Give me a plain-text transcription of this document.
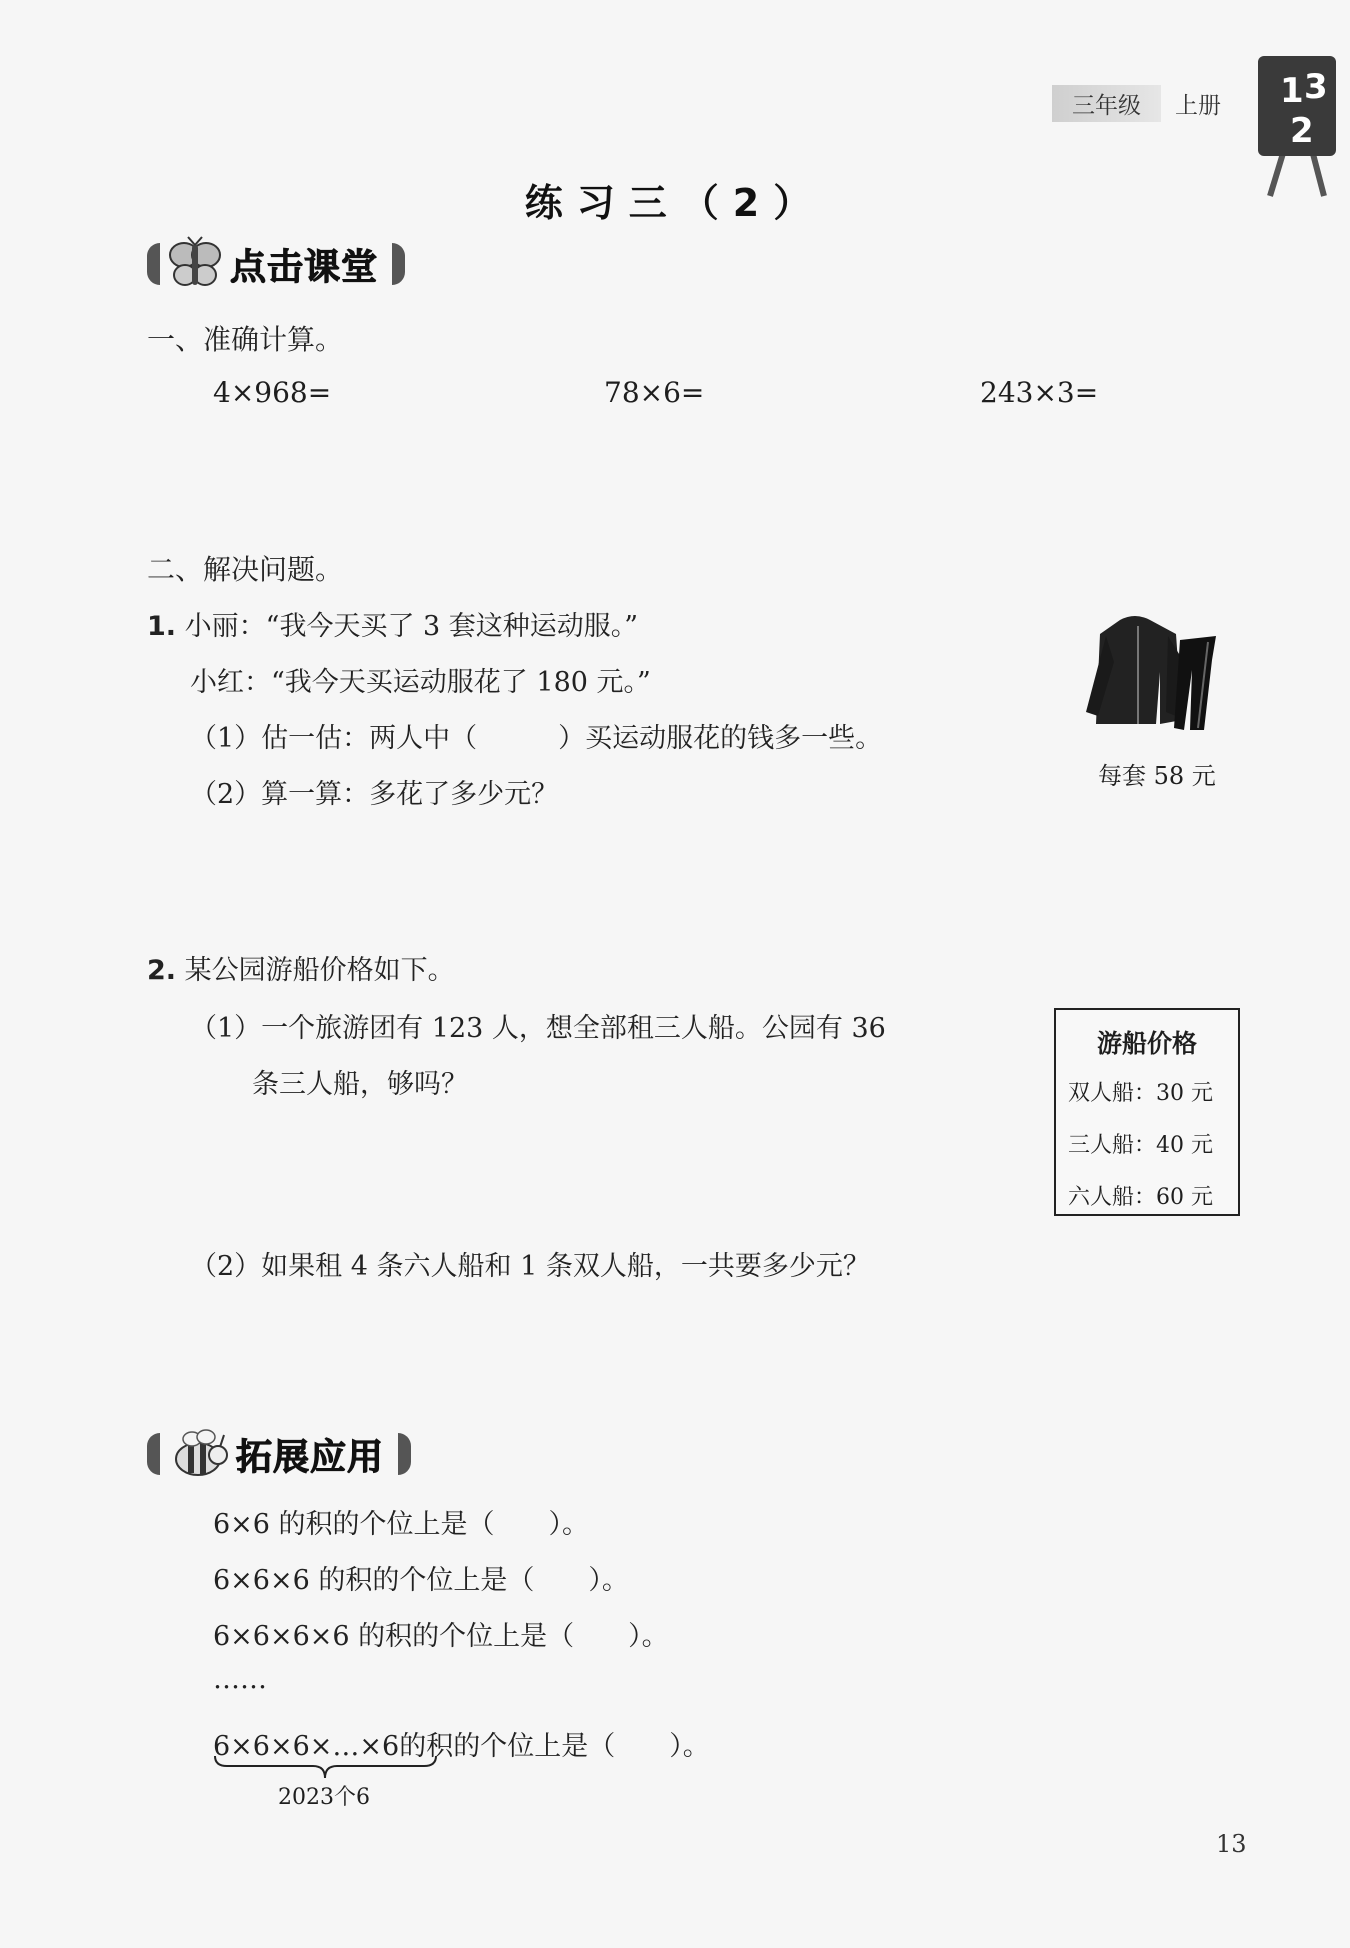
三年级	上册 1 3
2
练习三（2）
点击课堂
一、准确计算。
4×968=	78×6=	243×3=
二、解决问题。
1. 小丽：“我今天买了 3 套这种运动服。”
小红：“我今天买运动服花了 180 元。”
（1）估一估：两人中（　　　）买运动服花的钱多一些。
（2）算一算：多花了多少元？
每套 58 元
2. 某公园游船价格如下。
（1）一个旅游团有 123 人，想全部租三人船。公园有 36
条三人船，够吗？
（2）如果租 4 条六人船和 1 条双人船，一共要多少元？
游船价格
双人船：30 元
三人船：40 元
六人船：60 元
拓展应用
6×6 的积的个位上是（　　）。
6×6×6 的积的个位上是（　　）。
6×6×6×6 的积的个位上是（　　）。
……
6×6×6×…×6的积的个位上是（　　）。
2023个6
13
